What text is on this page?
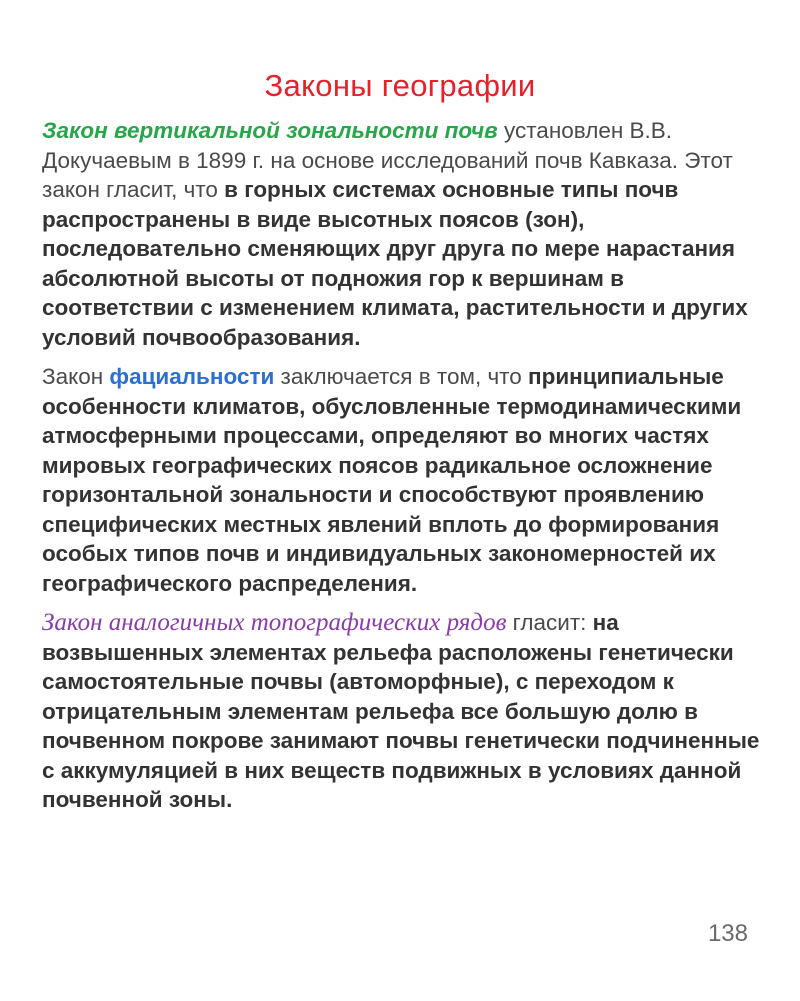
Законы географии

Закон вертикальной зональности почв установлен В.В. Докучаевым в 1899 г. на основе исследований почв Кавказа. Этот закон гласит, что в горных системах основные типы почв распространены в виде высотных поясов (зон), последовательно сменяющих друг друга по мере нарастания абсолютной высоты от подножия гор к вершинам в соответствии с изменением климата, растительности и других условий почвообразования.

Закон фациальности заключается в том, что принципиальные особенности климатов, обусловленные термодинамическими атмосферными процессами, определяют во многих частях мировых географических поясов радикальное осложнение горизонтальной зональности и способствуют проявлению специфических местных явлений вплоть до формирования особых типов почв и индивидуальных закономерностей их географического распределения.

Закон аналогичных топографических рядов гласит: на возвышенных элементах рельефа расположены генетически самостоятельные почвы (автоморфные), с переходом к отрицательным элементам рельефа все большую долю в почвенном покрове занимают почвы генетически подчиненные с аккумуляцией в них веществ подвижных в условиях данной почвенной зоны.

138
